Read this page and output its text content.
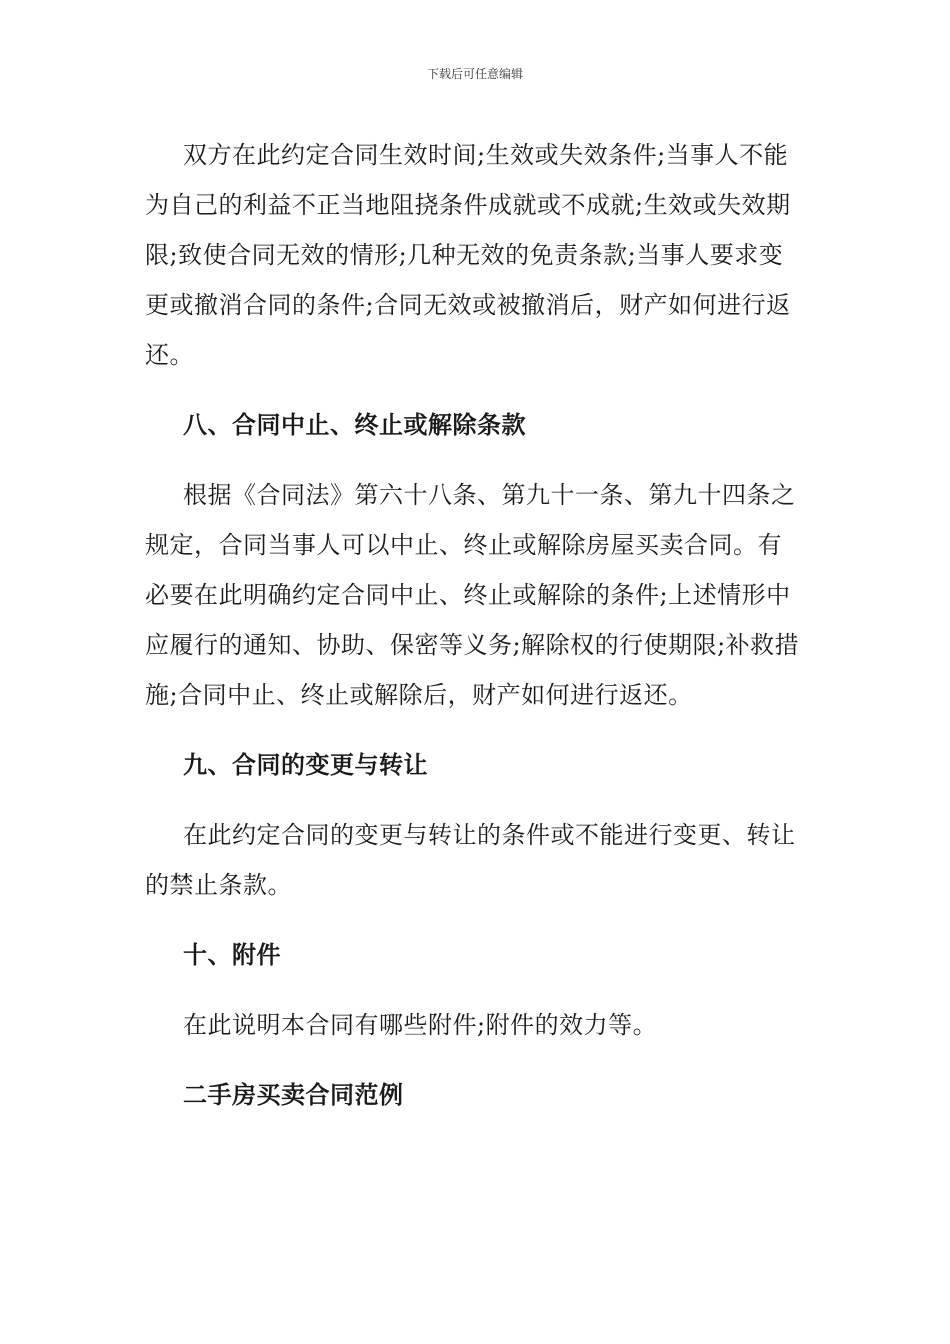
下载后可任意编辑

双方在此约定合同生效时间;生效或失效条件;当事人不能为自己的利益不正当地阻挠条件成就或不成就;生效或失效期限;致使合同无效的情形;几种无效的免责条款;当事人要求变更或撤消合同的条件;合同无效或被撤消后，财产如何进行返还。

八、合同中止、终止或解除条款

根据《合同法》第六十八条、第九十一条、第九十四条之规定，合同当事人可以中止、终止或解除房屋买卖合同。有必要在此明确约定合同中止、终止或解除的条件;上述情形中应履行的通知、协助、保密等义务;解除权的行使期限;补救措施;合同中止、终止或解除后，财产如何进行返还。

九、合同的变更与转让

在此约定合同的变更与转让的条件或不能进行变更、转让的禁止条款。

十、附件

在此说明本合同有哪些附件;附件的效力等。

二手房买卖合同范例
